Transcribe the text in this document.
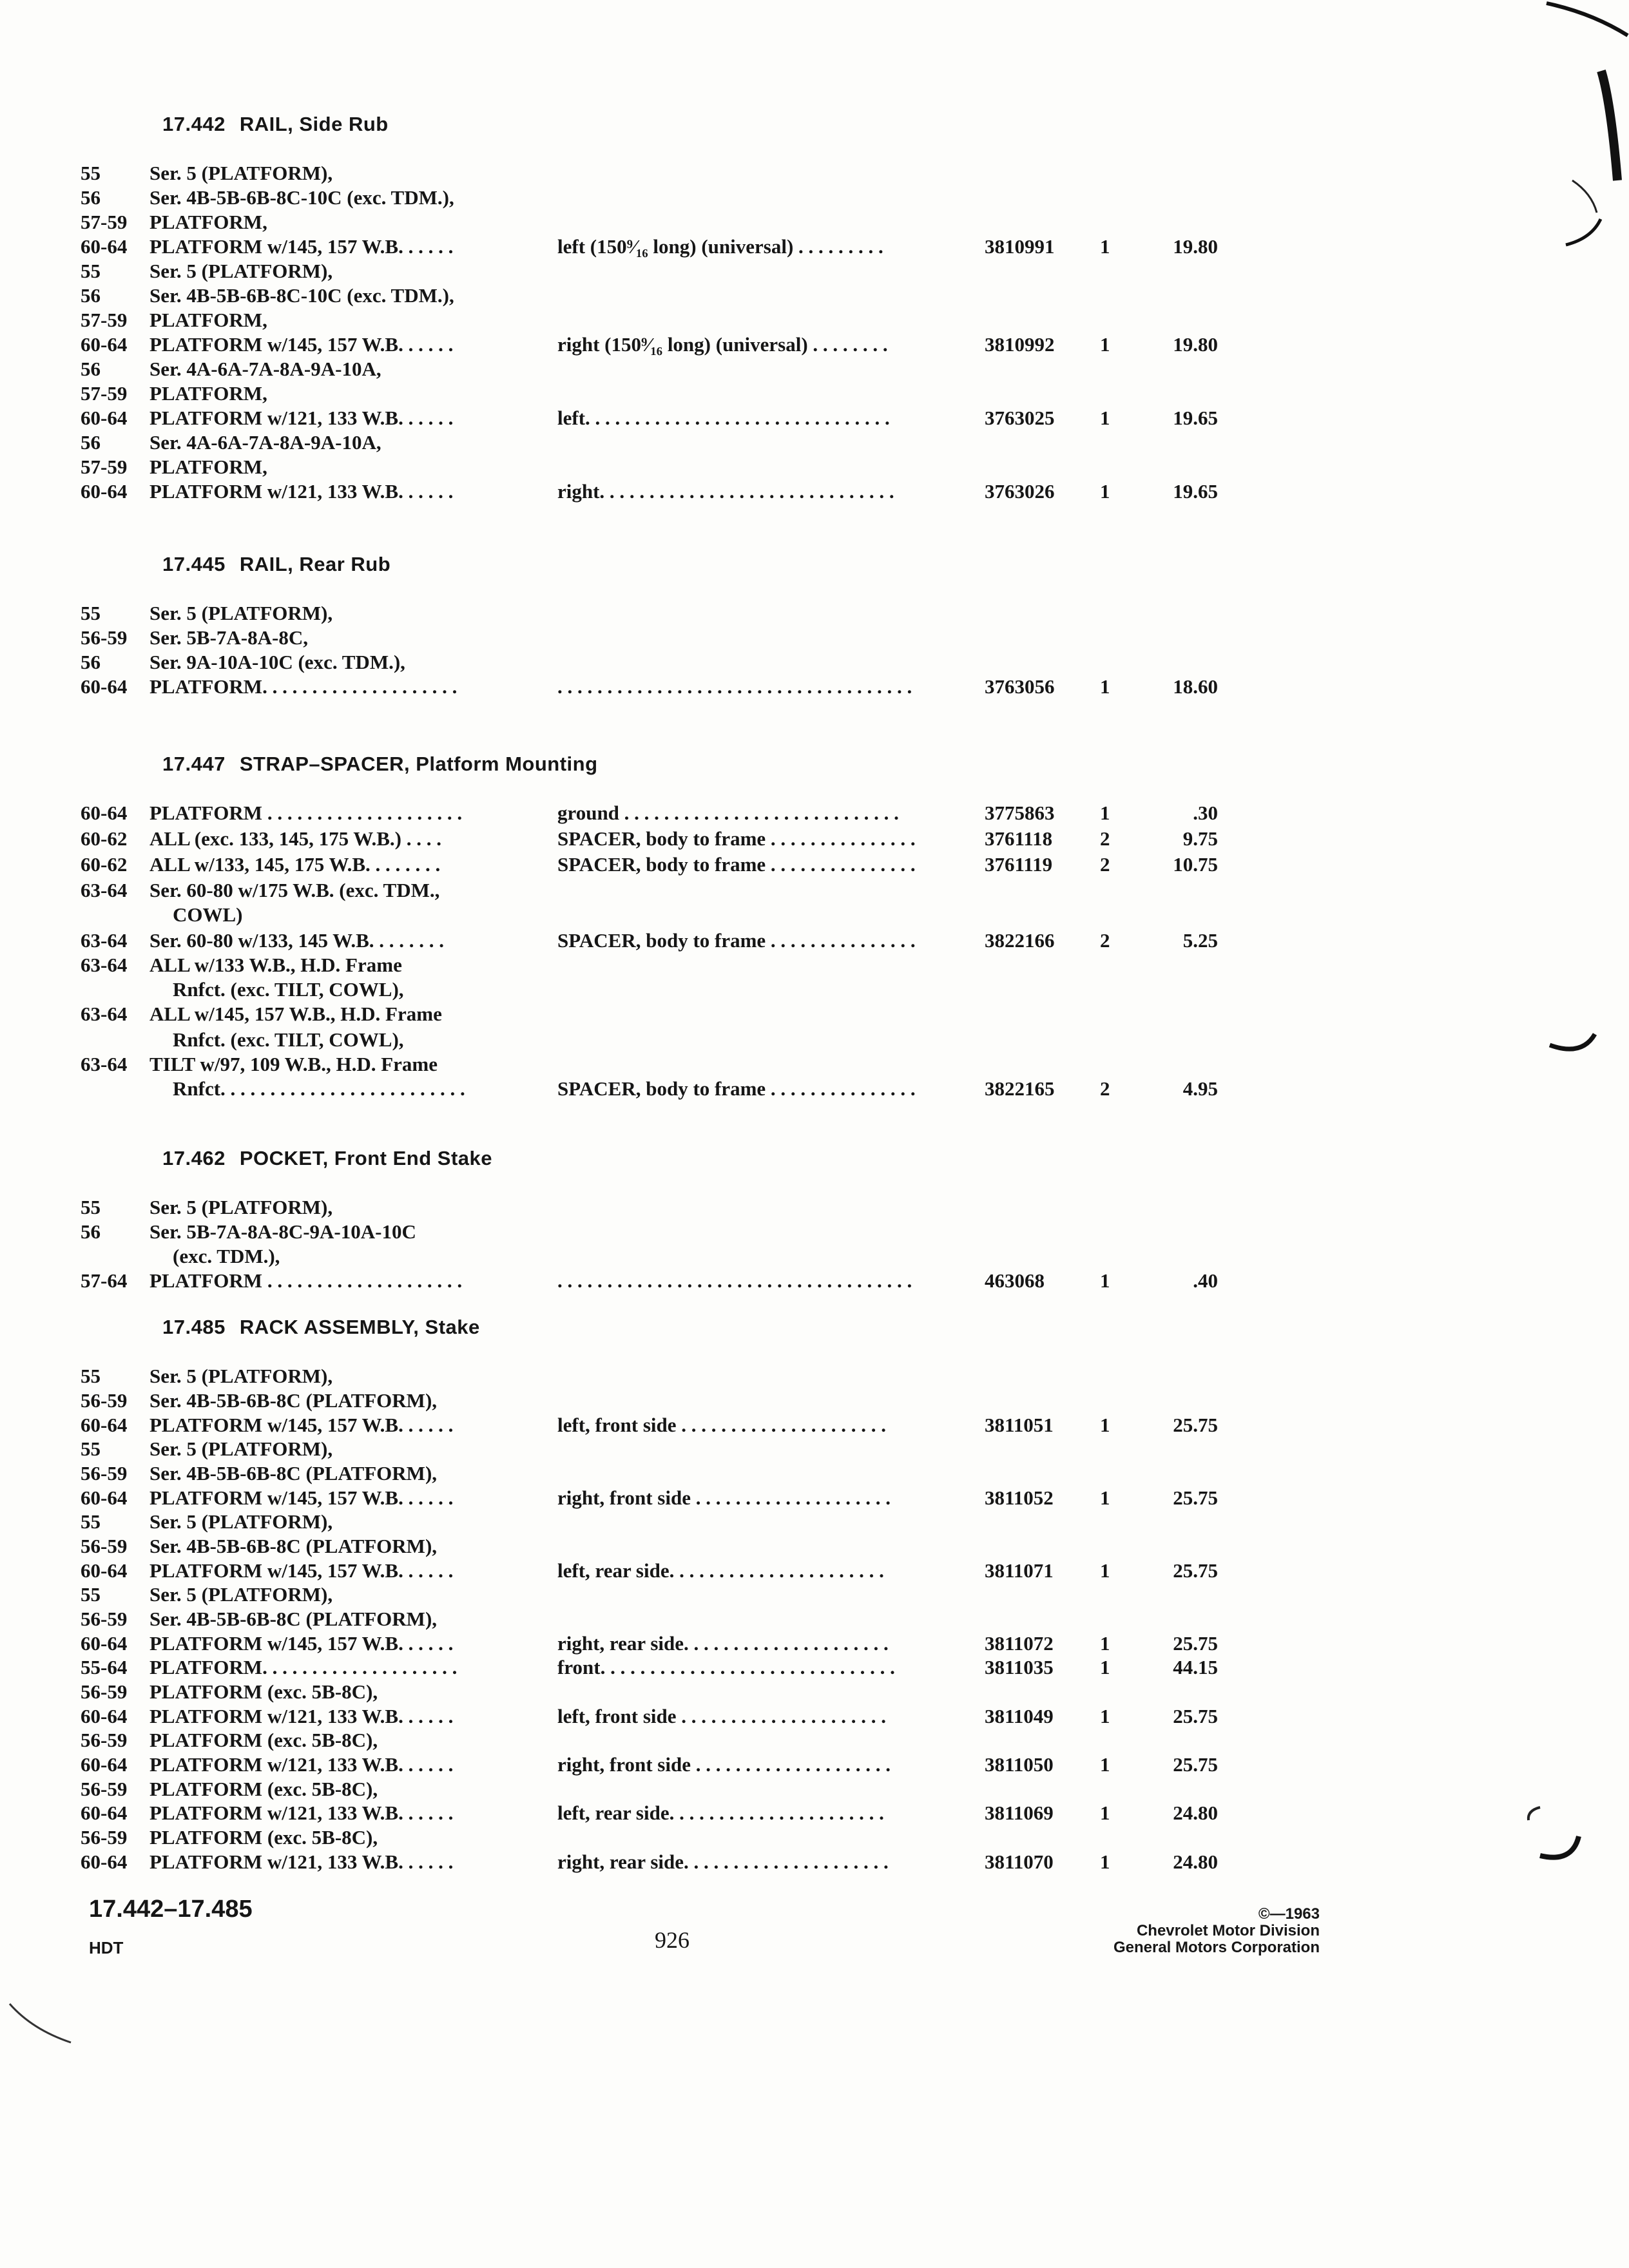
17.442 RAIL, Side Rub
55 Ser. 5 (PLATFORM),
56 Ser. 4B-5B-6B-8C-10C (exc. TDM.),
57-59 PLATFORM,
60-64 PLATFORM w/145, 157 W.B. . . . . .	left (150⁹⁄₁₆ long) (universal) . . . . . . . . .	3810991 1	19.80
55 Ser. 5 (PLATFORM),
56 Ser. 4B-5B-6B-8C-10C (exc. TDM.),
57-59 PLATFORM,
60-64 PLATFORM w/145, 157 W.B. . . . . .	right (150⁹⁄₁₆ long) (universal) . . . . . . . .	3810992 1	19.80
56 Ser. 4A-6A-7A-8A-9A-10A,
57-59 PLATFORM,
60-64 PLATFORM w/121, 133 W.B. . . . . .	left. . . . . . . . . . . . . . . . . . . . . . . . . . . . . . .	3763025 1	19.65
56 Ser. 4A-6A-7A-8A-9A-10A,
57-59 PLATFORM,
60-64 PLATFORM w/121, 133 W.B. . . . . .	right. . . . . . . . . . . . . . . . . . . . . . . . . . . . . .	3763026 1	19.65
17.445 RAIL, Rear Rub
55 Ser. 5 (PLATFORM),
56-59 Ser. 5B-7A-8A-8C,
56 Ser. 9A-10A-10C (exc. TDM.),
60-64 PLATFORM. . . . . . . . . . . . . . . . . . . .	. . . . . . . . . . . . . . . . . . . . . . . . . . . . . . . . . . . .	3763056 1	18.60
17.447 STRAP–SPACER, Platform Mounting
60-64 PLATFORM . . . . . . . . . . . . . . . . . . . .	ground . . . . . . . . . . . . . . . . . . . . . . . . . . . .	3775863 1	.30
60-62 ALL (exc. 133, 145, 175 W.B.) . . . .	SPACER, body to frame . . . . . . . . . . . . . . .	3761118 2	9.75
60-62 ALL w/133, 145, 175 W.B. . . . . . . .	SPACER, body to frame . . . . . . . . . . . . . . .	3761119 2	10.75
63-64 Ser. 60-80 w/175 W.B. (exc. TDM.,
COWL)
63-64 Ser. 60-80 w/133, 145 W.B. . . . . . . .	SPACER, body to frame . . . . . . . . . . . . . . .	3822166 2	5.25
63-64 ALL w/133 W.B., H.D. Frame
Rnfct. (exc. TILT, COWL),
63-64 ALL w/145, 157 W.B., H.D. Frame
Rnfct. (exc. TILT, COWL),
63-64 TILT w/97, 109 W.B., H.D. Frame
Rnfct. . . . . . . . . . . . . . . . . . . . . . . . .	SPACER, body to frame . . . . . . . . . . . . . . .	3822165 2	4.95
17.462 POCKET, Front End Stake
55 Ser. 5 (PLATFORM),
56 Ser. 5B-7A-8A-8C-9A-10A-10C
(exc. TDM.),
57-64 PLATFORM . . . . . . . . . . . . . . . . . . . .	. . . . . . . . . . . . . . . . . . . . . . . . . . . . . . . . . . . .	463068	1	.40
17.485 RACK ASSEMBLY, Stake
55 Ser. 5 (PLATFORM),
56-59 Ser. 4B-5B-6B-8C (PLATFORM),
60-64 PLATFORM w/145, 157 W.B. . . . . .	left, front side . . . . . . . . . . . . . . . . . . . . .	3811051 1	25.75
55 Ser. 5 (PLATFORM),
56-59 Ser. 4B-5B-6B-8C (PLATFORM),
60-64 PLATFORM w/145, 157 W.B. . . . . .	right, front side . . . . . . . . . . . . . . . . . . . .	3811052 1	25.75
55 Ser. 5 (PLATFORM),
56-59 Ser. 4B-5B-6B-8C (PLATFORM),
60-64 PLATFORM w/145, 157 W.B. . . . . .	left, rear side. . . . . . . . . . . . . . . . . . . . . .	3811071 1	25.75
55 Ser. 5 (PLATFORM),
56-59 Ser. 4B-5B-6B-8C (PLATFORM),
60-64 PLATFORM w/145, 157 W.B. . . . . .	right, rear side. . . . . . . . . . . . . . . . . . . . .	3811072 1	25.75
55-64 PLATFORM. . . . . . . . . . . . . . . . . . . .	front. . . . . . . . . . . . . . . . . . . . . . . . . . . . . .	3811035 1	44.15
56-59 PLATFORM (exc. 5B-8C),
60-64 PLATFORM w/121, 133 W.B. . . . . .	left, front side . . . . . . . . . . . . . . . . . . . . .	3811049 1	25.75
56-59 PLATFORM (exc. 5B-8C),
60-64 PLATFORM w/121, 133 W.B. . . . . .	right, front side . . . . . . . . . . . . . . . . . . . .	3811050 1	25.75
56-59 PLATFORM (exc. 5B-8C),
60-64 PLATFORM w/121, 133 W.B. . . . . .	left, rear side. . . . . . . . . . . . . . . . . . . . . .	3811069 1	24.80
56-59 PLATFORM (exc. 5B-8C),
60-64 PLATFORM w/121, 133 W.B. . . . . .	right, rear side. . . . . . . . . . . . . . . . . . . . .	3811070 1	24.80
17.442–17.485
HDT	926
©—1963
Chevrolet Motor Division
General Motors Corporation
